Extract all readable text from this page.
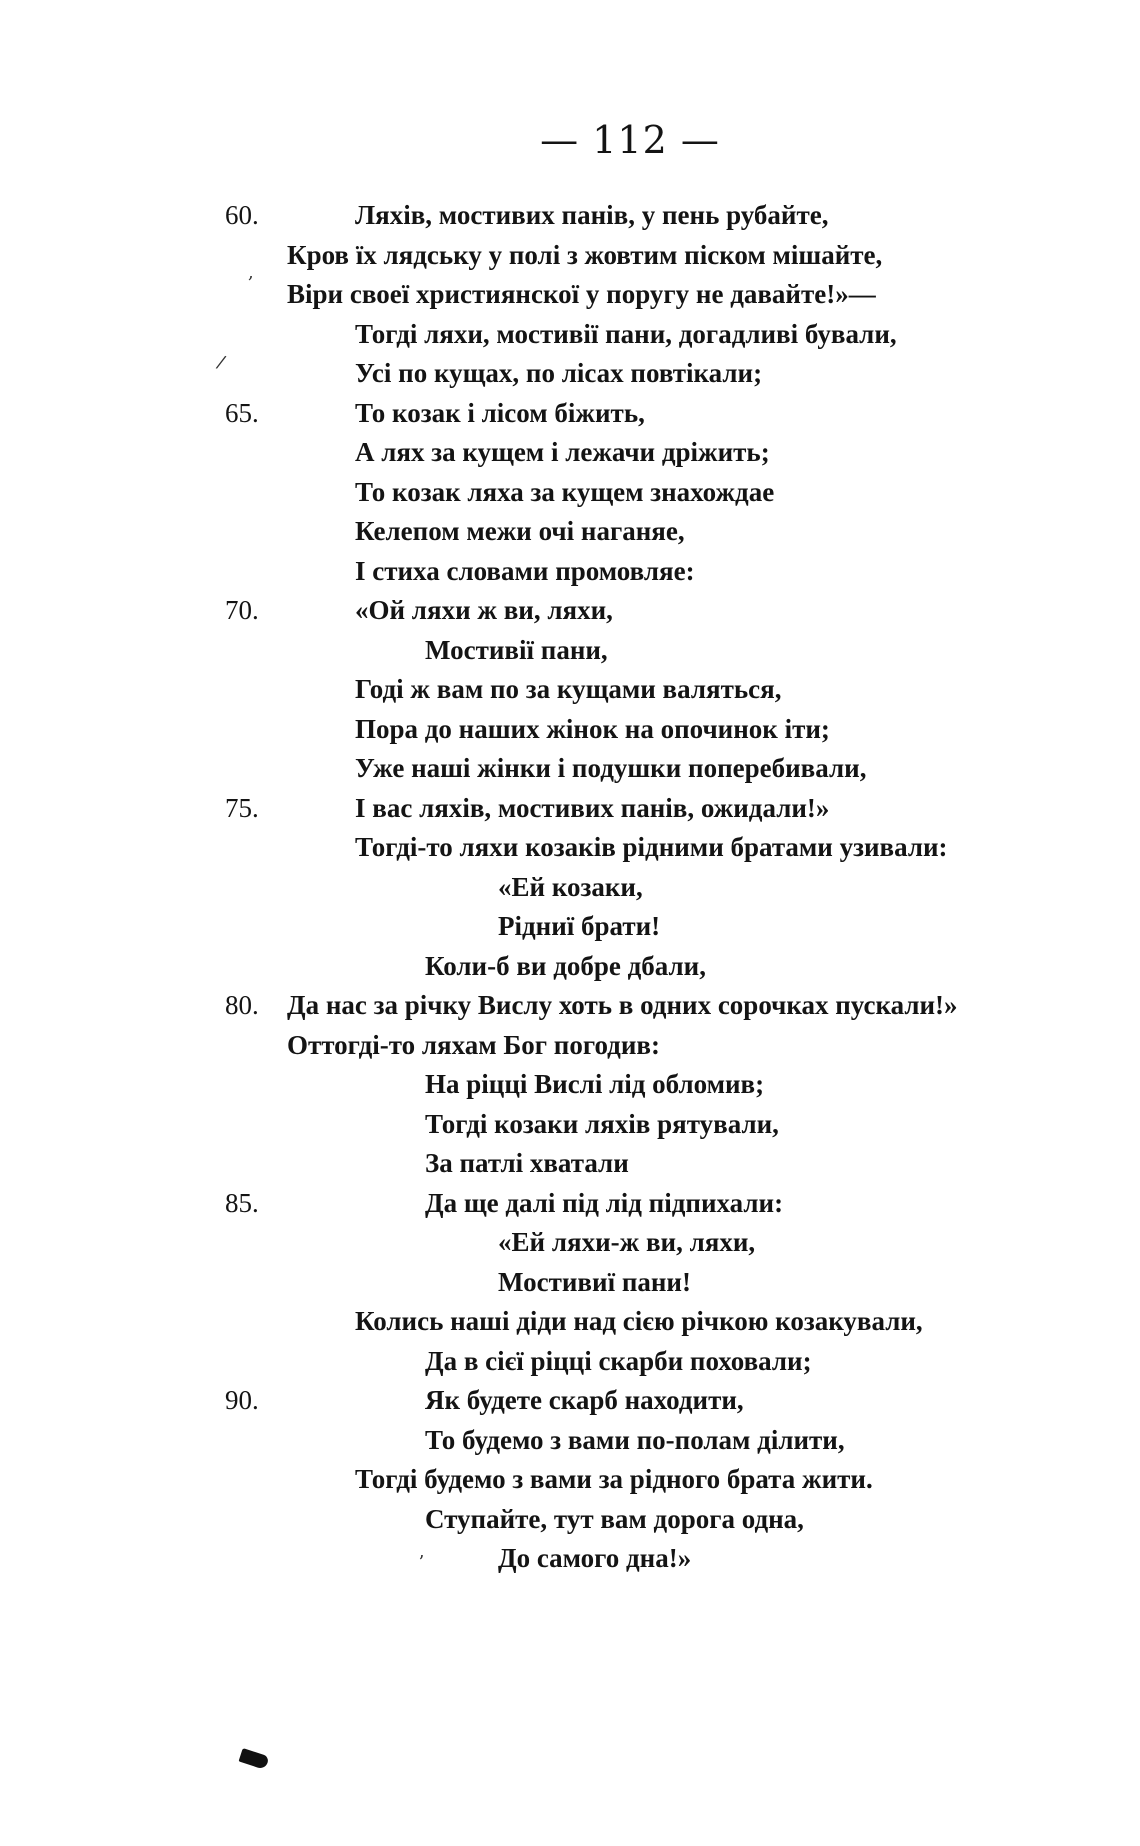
— 112 —
60.	Ляхів, мостивих панів, у пень рубайте,
Кров їх лядську у полі з жовтим піском мішайте,
Віри своеї християнскої у поругу не давайте!»—
Тогді ляхи, мостивії пани, догадливі бували,
Усі по кущах, по лісах повтікали;
65.	То козак і лісом біжить,
А лях за кущем і лежачи дріжить;
То козак ляха за кущем знахождае
Келепом межи очі наганяе,
І стиха словами промовляе:
70.	«Ой ляхи ж ви, ляхи,
Мостивії пани,
Годі ж вам по за кущами валяться,
Пора до наших жінок на опочинок іти;
Уже наші жінки і подушки поперебивали,
75.	І вас ляхів, мостивих панів, ожидали!»
Тогді-то ляхи козаків рідними братами узивали:
«Ей козаки,
Рідниї брати!
Коли-б ви добре дбали,
80. Да нас за річку Вислу хоть в одних сорочках пускали!»
Оттогді-то ляхам Бог погодив:
На ріцці Вислі лід обломив;
Тогді козаки ляхів рятували,
За патлі хватали
85.	Да ще далі під лід підпихали:
«Ей ляхи-ж ви, ляхи,
Мостивиї пани!
Колись наші діди над сією річкою козакували,
Да в сієї ріцці скарби поховали;
90.	Як будете скарб находити,
То будемо з вами по-полам ділити,
Тогді будемо з вами за рідного брата жити.
Ступайте, тут вам дорога одна,
До самого дна!»
,
/
ʼ
